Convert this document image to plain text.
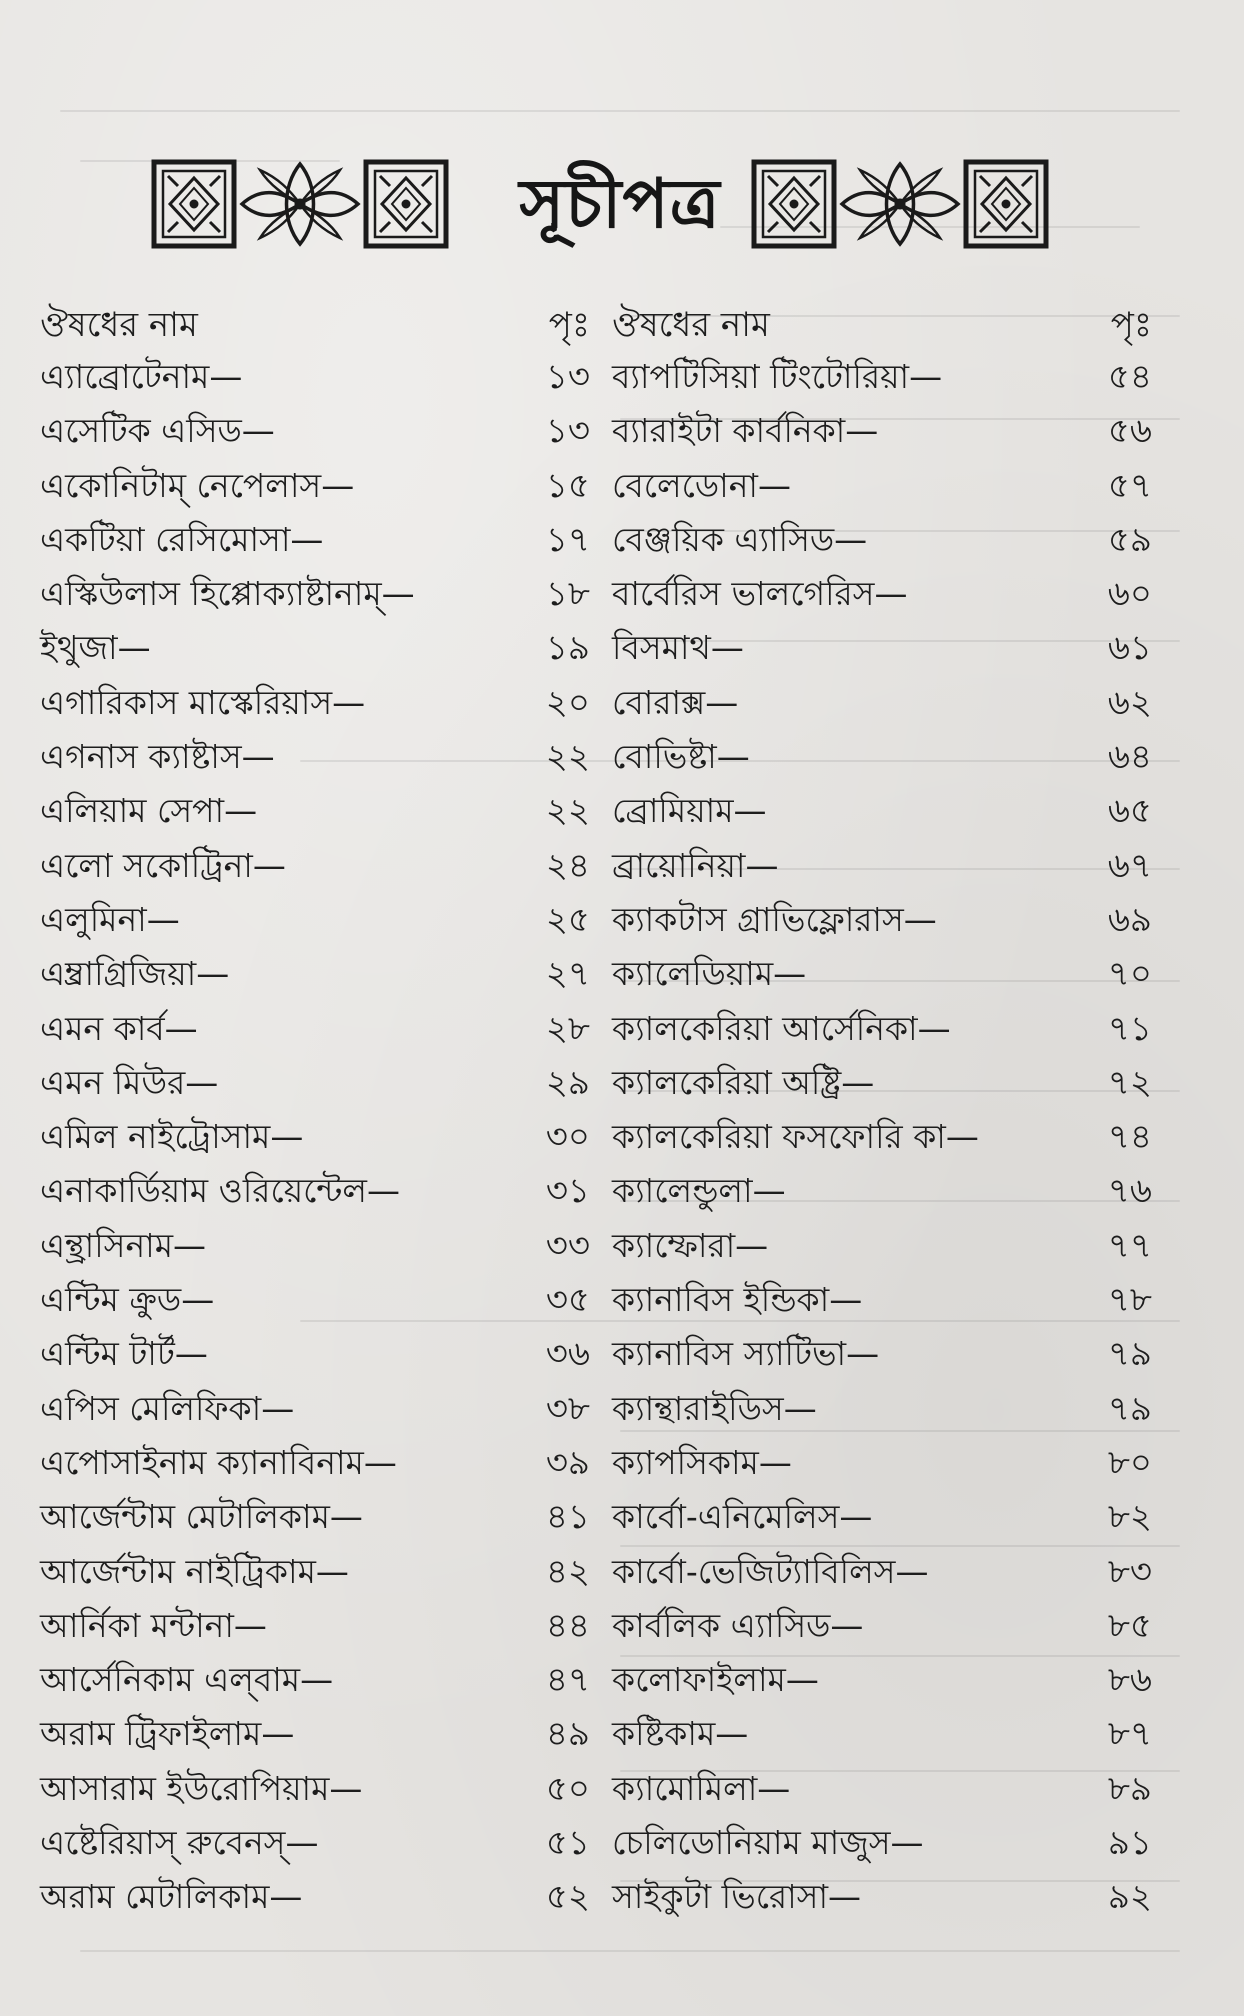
সূচীপত্র
ঔষধের নাম	পৃঃ
এ্যাব্রোটেনাম—	১৩
এসেটিক এসিড—	১৩
একোনিটাম্‌ নেপেলাস—	১৫
একটিয়া রেসিমোসা—	১৭
এস্কিউলাস হিপ্পোক্যাষ্টানাম্‌—	১৮
ইথুজা—	১৯
এগারিকাস মাস্কেরিয়াস—	২০
এগনাস ক্যাষ্টাস—	২২
এলিয়াম সেপা—	২২
এলো সকোট্রিনা—	২৪
এলুমিনা—	২৫
এম্ব্রাগ্রিজিয়া—	২৭
এমন কার্ব—	২৮
এমন মিউর—	২৯
এমিল নাইট্রোসাম—	৩০
এনাকার্ডিয়াম ওরিয়েন্টেল—	৩১
এন্থ্রাসিনাম—	৩৩
এন্টিম ক্রুড—	৩৫
এন্টিম টার্ট—	৩৬
এপিস মেলিফিকা—	৩৮
এপোসাইনাম ক্যানাবিনাম—	৩৯
আর্জেন্টাম মেটালিকাম—	৪১
আর্জেন্টাম নাইট্রিকাম—	৪২
আর্নিকা মন্টানা—	৪৪
আর্সেনিকাম এল্‌বাম—	৪৭
অরাম ট্রিফাইলাম—	৪৯
আসারাম ইউরোপিয়াম—	৫০
এষ্টেরিয়াস্‌ রুবেনস্‌—	৫১
অরাম মেটালিকাম—	৫২
ঔষধের নাম	পৃঃ
ব্যাপটিসিয়া টিংটোরিয়া—	৫৪
ব্যারাইটা কার্বনিকা—	৫৬
বেলেডোনা—	৫৭
বেঞ্জয়িক এ্যাসিড—	৫৯
বার্বেরিস ভালগেরিস—	৬০
বিসমাথ—	৬১
বোরাক্স—	৬২
বোভিষ্টা—	৬৪
ব্রোমিয়াম—	৬৫
ব্রায়োনিয়া—	৬৭
ক্যাকটাস গ্রাভিফ্লোরাস—	৬৯
ক্যালেডিয়াম—	৭০
ক্যালকেরিয়া আর্সেনিকা—	৭১
ক্যালকেরিয়া অষ্ট্রি—	৭২
ক্যালকেরিয়া ফসফোরি কা—	৭৪
ক্যালেন্ডুলা—	৭৬
ক্যাম্ফোরা—	৭৭
ক্যানাবিস ইন্ডিকা—	৭৮
ক্যানাবিস স্যাটিভা—	৭৯
ক্যান্থারাইডিস—	৭৯
ক্যাপসিকাম—	৮০
কার্বো-এনিমেলিস—	৮২
কার্বো-ভেজিট্যাবিলিস—	৮৩
কার্বলিক এ্যাসিড—	৮৫
কলোফাইলাম—	৮৬
কষ্টিকাম—	৮৭
ক্যামোমিলা—	৮৯
চেলিডোনিয়াম মাজুস—	৯১
সাইকুটা ভিরোসা—	৯২
